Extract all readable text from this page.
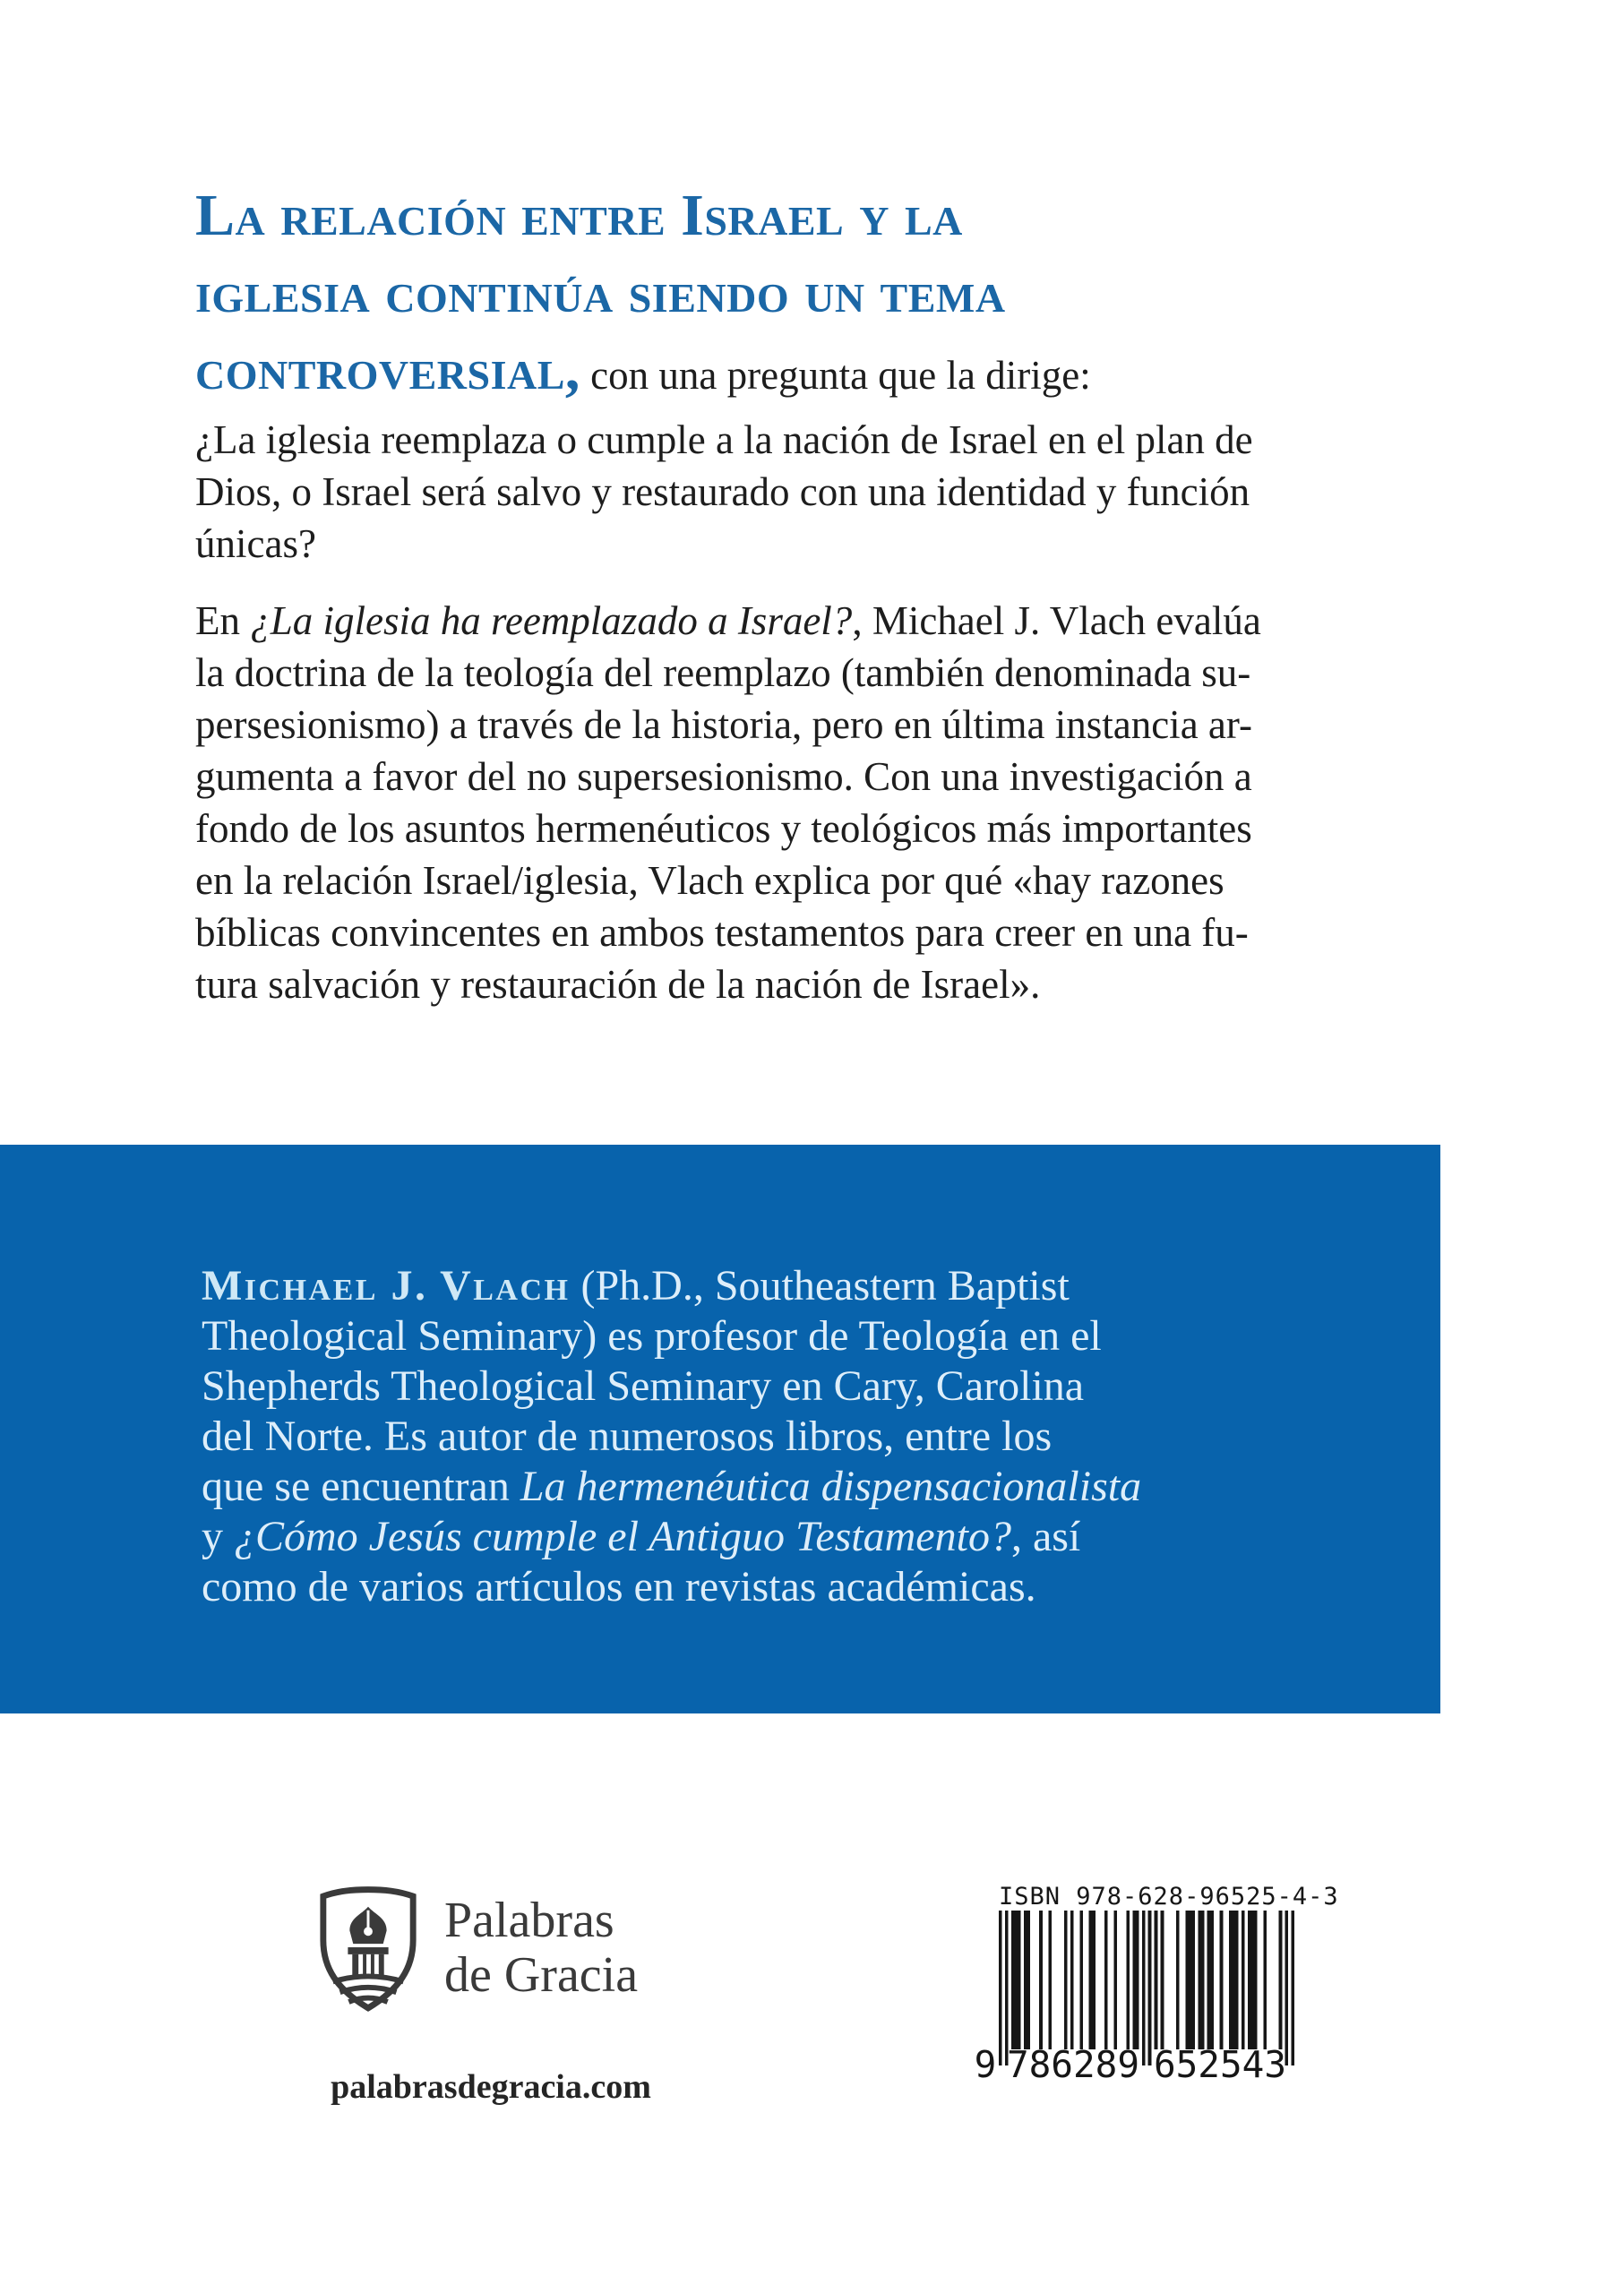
La relación entre Israel y la
iglesia continúa siendo un tema
controversial, con una pregunta que la dirige:
¿La iglesia reemplaza o cumple a la nación de Israel en el plan de
Dios, o Israel será salvo y restaurado con una identidad y función
únicas?
En ¿La iglesia ha reemplazado a Israel?, Michael J. Vlach evalúa
la doctrina de la teología del reemplazo (también denominada su-
persesionismo) a través de la historia, pero en última instancia ar-
gumenta a favor del no supersesionismo. Con una investigación a
fondo de los asuntos hermenéuticos y teológicos más importantes
en la relación Israel/iglesia, Vlach explica por qué «hay razones
bíblicas convincentes en ambos testamentos para creer en una fu-
tura salvación y restauración de la nación de Israel».
Michael J. Vlach (Ph.D., Southeastern Baptist
Theological Seminary) es profesor de Teología en el
Shepherds Theological Seminary en Cary, Carolina
del Norte. Es autor de numerosos libros, entre los
que se encuentran La hermenéutica dispensacionalista
y ¿Cómo Jesús cumple el Antiguo Testamento?, así
como de varios artículos en revistas académicas.
Palabras
de Gracia
palabrasdegracia.com
ISBN 978-628-96525-4-3
9 786289 652543
